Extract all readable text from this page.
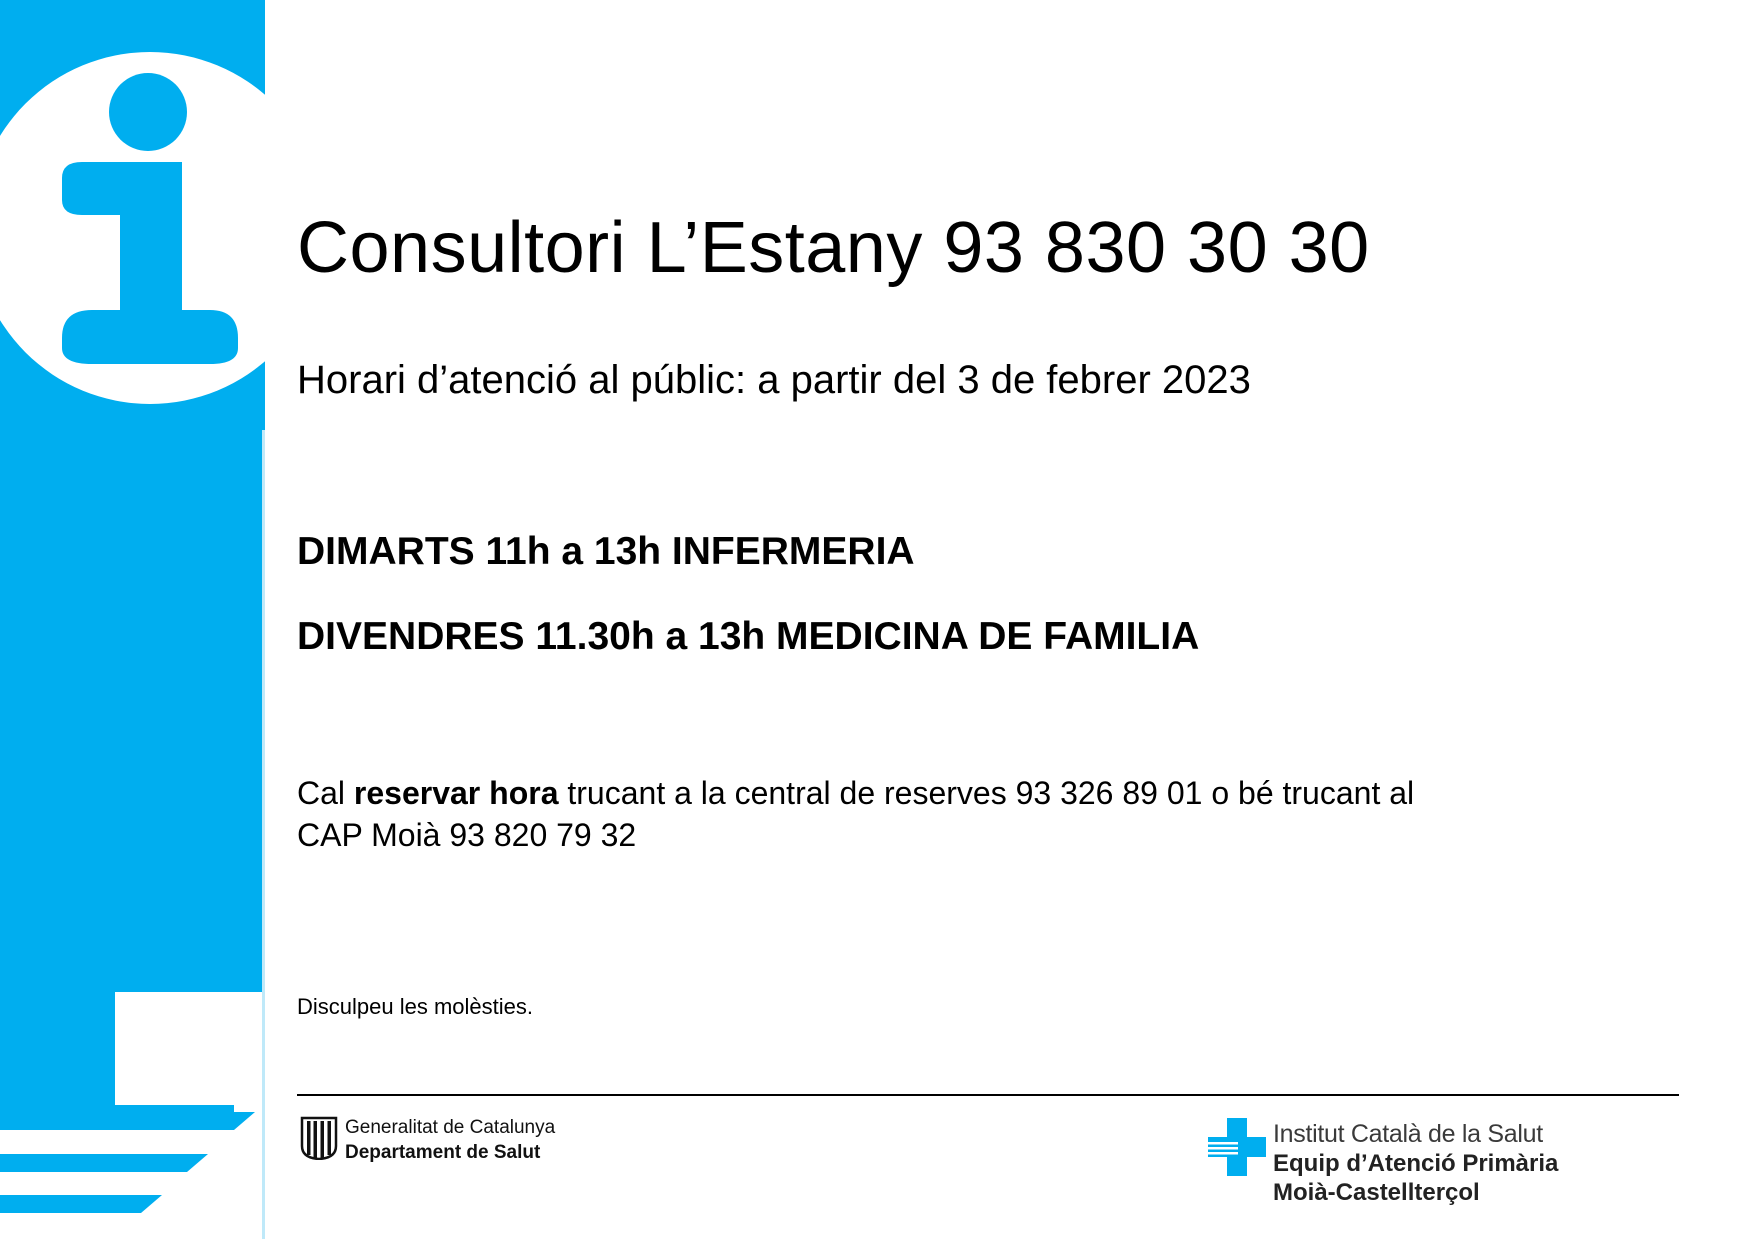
Consultori L’Estany 93 830 30 30
Horari d’atenció al públic: a partir del 3 de febrer 2023
DIMARTS 11h a 13h INFERMERIA
DIVENDRES 11.30h a 13h MEDICINA DE FAMILIA
Cal reservar hora trucant a la central de reserves 93 326 89 01 o bé trucant al
CAP Moià 93 820 79 32
Disculpeu les molèsties.
Generalitat de Catalunya
Departament de Salut
Institut Català de la Salut
Equip d’Atenció Primària
Moià-Castellterçol
